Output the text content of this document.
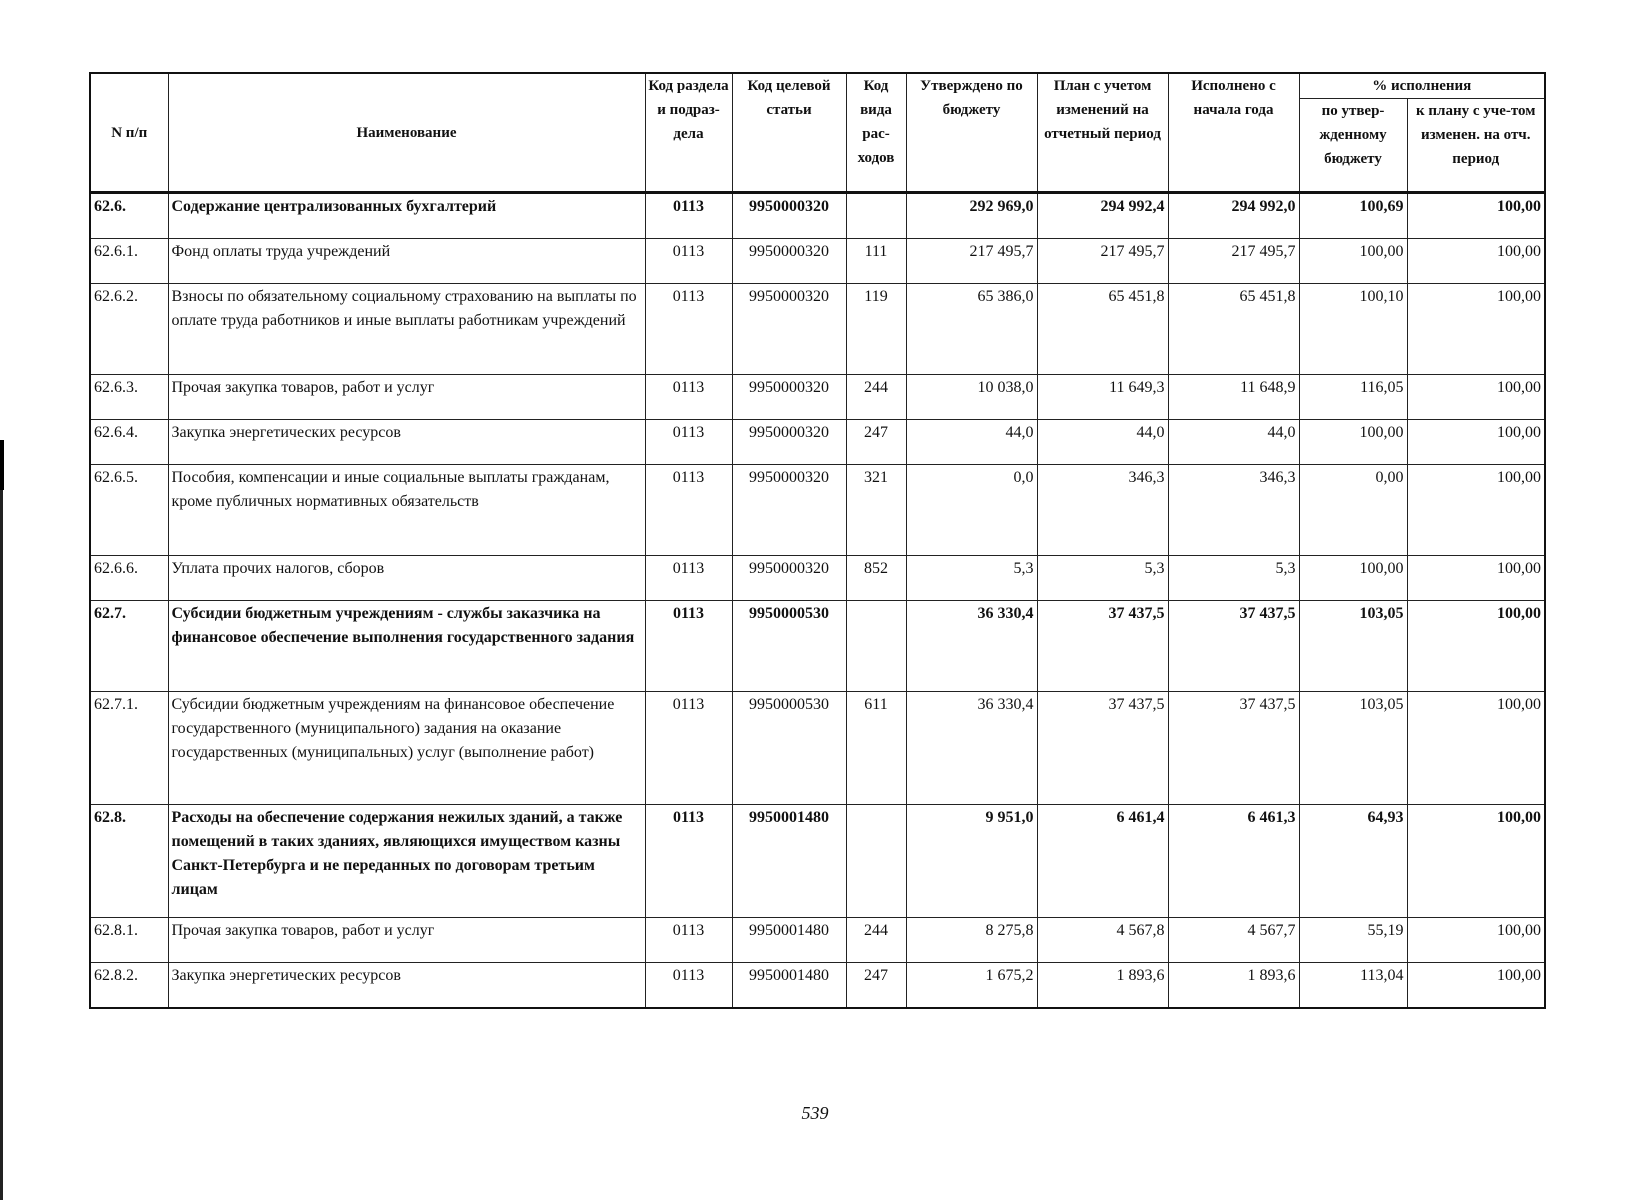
N п/п	Наименование	Код раздела и подраз-дела	Код целевой статьи	Код вида рас-ходов	Утверждено по бюджету	План с учетом изменений на отчетный период	Исполнено с начала года	% исполнения	
								по утвер-жденному бюджету	к плану с уче-том изменен. на отч. период
62.6.	Содержание централизованных бухгалтерий	0113	9950000320		292 969,0	294 992,4	294 992,0	100,69	100,00
62.6.1.	Фонд оплаты труда учреждений	0113	9950000320	111	217 495,7	217 495,7	217 495,7	100,00	100,00
62.6.2.	Взносы по обязательному социальному страхованию на выплаты по оплате труда работников и иные выплаты работникам учреждений	0113	9950000320	119	65 386,0	65 451,8	65 451,8	100,10	100,00
62.6.3.	Прочая закупка товаров, работ и услуг	0113	9950000320	244	10 038,0	11 649,3	11 648,9	116,05	100,00
62.6.4.	Закупка энергетических ресурсов	0113	9950000320	247	44,0	44,0	44,0	100,00	100,00
62.6.5.	Пособия, компенсации и иные социальные выплаты гражданам, кроме публичных нормативных обязательств	0113	9950000320	321	0,0	346,3	346,3	0,00	100,00
62.6.6.	Уплата прочих налогов, сборов	0113	9950000320	852	5,3	5,3	5,3	100,00	100,00
62.7.	Субсидии бюджетным учреждениям - службы заказчика на финансовое обеспечение выполнения государственного задания	0113	9950000530		36 330,4	37 437,5	37 437,5	103,05	100,00
62.7.1.	Субсидии бюджетным учреждениям на финансовое обеспечение государственного (муниципального) задания на оказание государственных (муниципальных) услуг (выполнение работ)	0113	9950000530	611	36 330,4	37 437,5	37 437,5	103,05	100,00
62.8.	Расходы на обеспечение содержания нежилых зданий, а также помещений в таких зданиях, являющихся имуществом казны Санкт-Петербурга и не переданных по договорам третьим лицам	0113	9950001480		9 951,0	6 461,4	6 461,3	64,93	100,00
62.8.1.	Прочая закупка товаров, работ и услуг	0113	9950001480	244	8 275,8	4 567,8	4 567,7	55,19	100,00
62.8.2.	Закупка энергетических ресурсов	0113	9950001480	247	1 675,2	1 893,6	1 893,6	113,04	100,00
539
